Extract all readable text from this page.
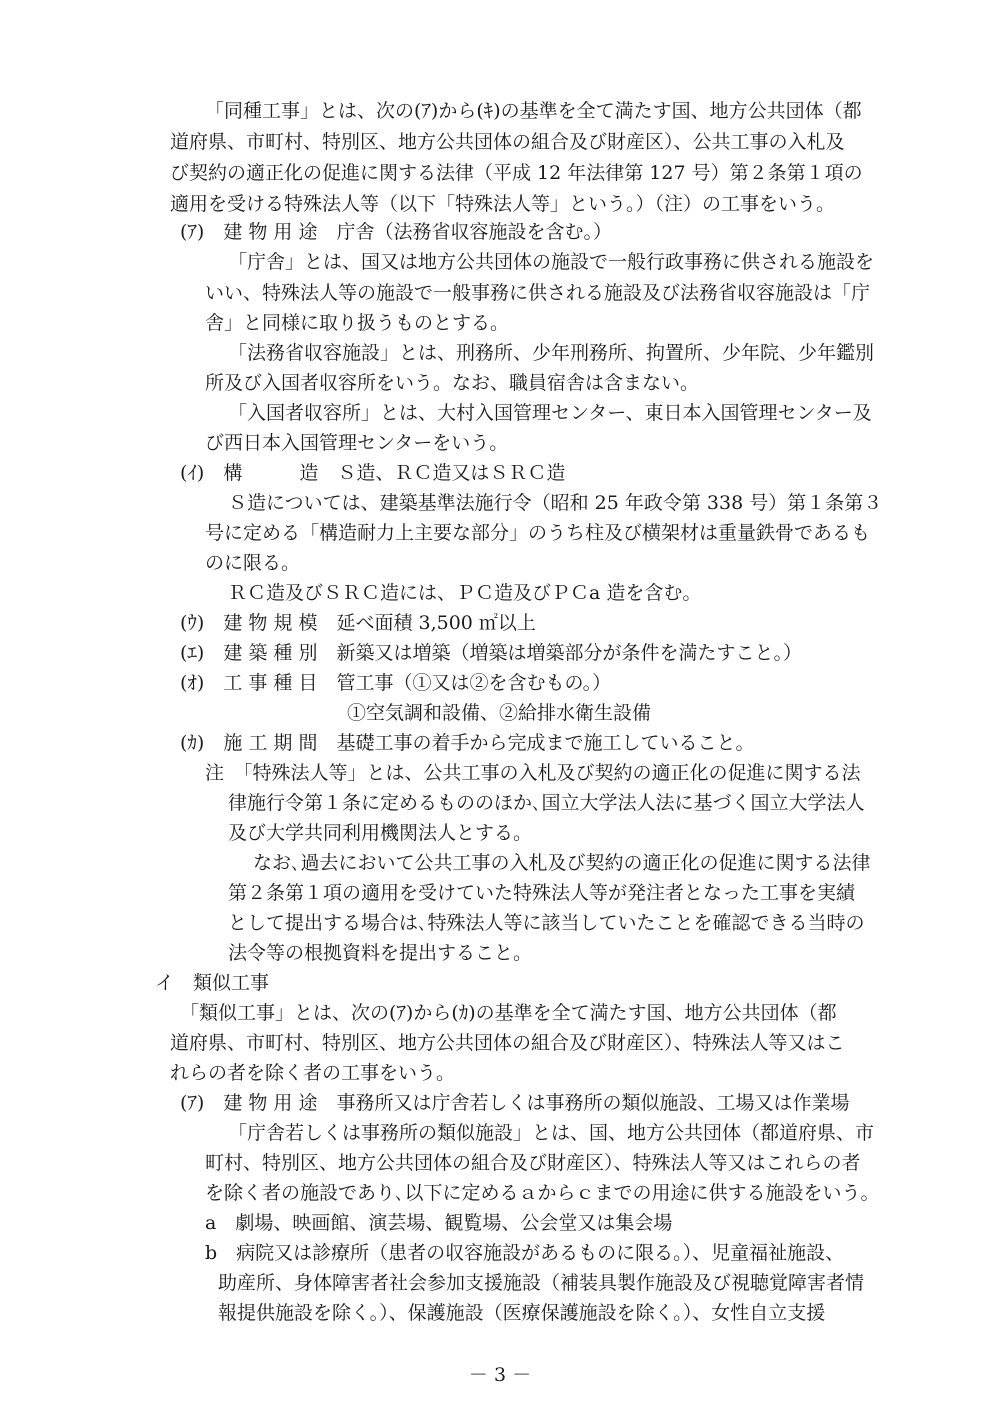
「同種工事」とは、次の(ｱ)から(ｷ)の基準を全て満たす国、地方公共団体（都
道府県、市町村、特別区、地方公共団体の組合及び財産区）、公共工事の入札及
び契約の適正化の促進に関する法律（平成 12 年法律第 127 号）第２条第１項の
適用を受ける特殊法人等（以下「特殊法人等」という。）（注）の工事をいう。
(ｱ)　建 物 用 途　庁舎（法務省収容施設を含む。）
「庁舎」とは、国又は地方公共団体の施設で一般行政事務に供される施設を
いい、特殊法人等の施設で一般事務に供される施設及び法務省収容施設は「庁
舎」と同様に取り扱うものとする。
「法務省収容施設」とは、刑務所、少年刑務所、拘置所、少年院、少年鑑別
所及び入国者収容所をいう。なお、職員宿舎は含まない。
「入国者収容所」とは、大村入国管理センター、東日本入国管理センター及
び西日本入国管理センターをいう。
(ｲ)　構　　　造　Ｓ造、ＲＣ造又はＳＲＣ造
Ｓ造については、建築基準法施行令（昭和 25 年政令第 338 号）第１条第３
号に定める「構造耐力上主要な部分」のうち柱及び横架材は重量鉄骨であるも
のに限る。
ＲＣ造及びＳＲＣ造には、ＰＣ造及びＰＣa 造を含む。
(ｳ)　建 物 規 模　延べ面積 3,500 ㎡以上
(ｴ)　建 築 種 別　新築又は増築（増築は増築部分が条件を満たすこと。）
(ｵ)　工 事 種 目　管工事（①又は②を含むもの。）
①空気調和設備、②給排水衛生設備
(ｶ)　施 工 期 間　基礎工事の着手から完成まで施工していること。
注　「特殊法人等」とは、公共工事の入札及び契約の適正化の促進に関する法
律施行令第１条に定めるもののほか､国立大学法人法に基づく国立大学法人
及び大学共同利用機関法人とする。
なお､過去において公共工事の入札及び契約の適正化の促進に関する法律
第２条第１項の適用を受けていた特殊法人等が発注者となった工事を実績
として提出する場合は､特殊法人等に該当していたことを確認できる当時の
法令等の根拠資料を提出すること。
イ　類似工事
「類似工事」とは、次の(ｱ)から(ｶ)の基準を全て満たす国、地方公共団体（都
道府県、市町村、特別区、地方公共団体の組合及び財産区）、特殊法人等又はこ
れらの者を除く者の工事をいう。
(ｱ)　建 物 用 途　事務所又は庁舎若しくは事務所の類似施設、工場又は作業場
「庁舎若しくは事務所の類似施設」とは、国、地方公共団体（都道府県、市
町村、特別区、地方公共団体の組合及び財産区）、特殊法人等又はこれらの者
を除く者の施設であり､以下に定めるａからｃまでの用途に供する施設をいう。
a　劇場、映画館、演芸場、観覧場、公会堂又は集会場
b　病院又は診療所（患者の収容施設があるものに限る。）、児童福祉施設、
助産所、身体障害者社会参加支援施設（補装具製作施設及び視聴覚障害者情
報提供施設を除く。）、保護施設（医療保護施設を除く。）、女性自立支援
－ 3 －
